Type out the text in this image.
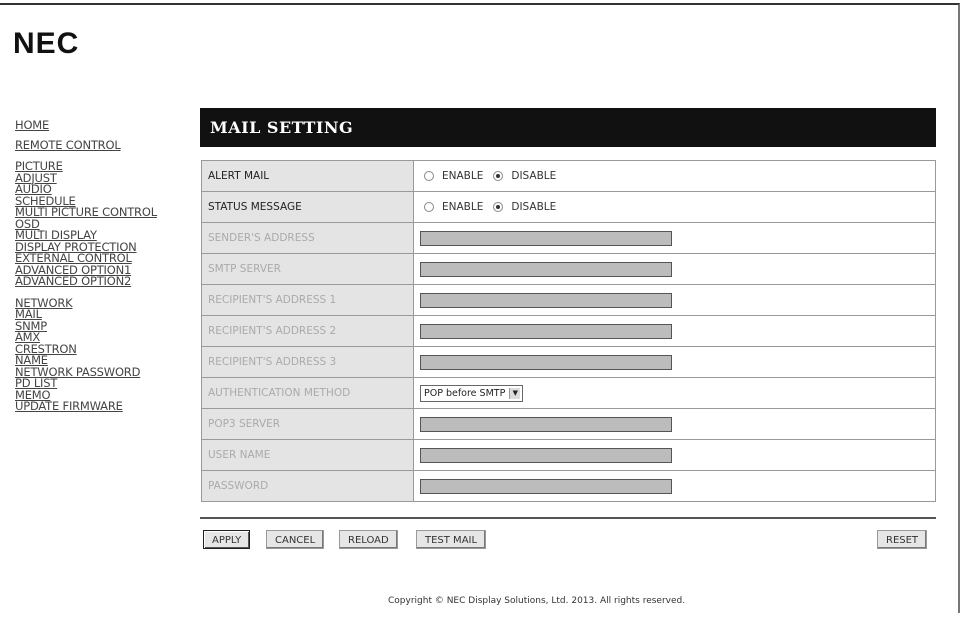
NEC
HOME
REMOTE CONTROL
PICTURE
ADJUST
AUDIO
SCHEDULE
MULTI PICTURE CONTROL
OSD
MULTI DISPLAY
DISPLAY PROTECTION
EXTERNAL CONTROL
ADVANCED OPTION1
ADVANCED OPTION2
NETWORK
MAIL
SNMP
AMX
CRESTRON
NAME
NETWORK PASSWORD
PD LIST
MEMO
UPDATE FIRMWARE
MAIL SETTING
ALERT MAIL	ENABLE DISABLE

STATUS MESSAGE	ENABLE DISABLE

SENDER'S ADDRESS	

SMTP SERVER	

RECIPIENT'S ADDRESS 1	

RECIPIENT'S ADDRESS 2	

RECIPIENT'S ADDRESS 3	

AUTHENTICATION METHOD	POP before SMTP ▼

POP3 SERVER	

USER NAME	

PASSWORD	
APPLY	CANCEL	RELOAD	TEST MAIL	RESET
Copyright © NEC Display Solutions, Ltd. 2013. All rights reserved.
